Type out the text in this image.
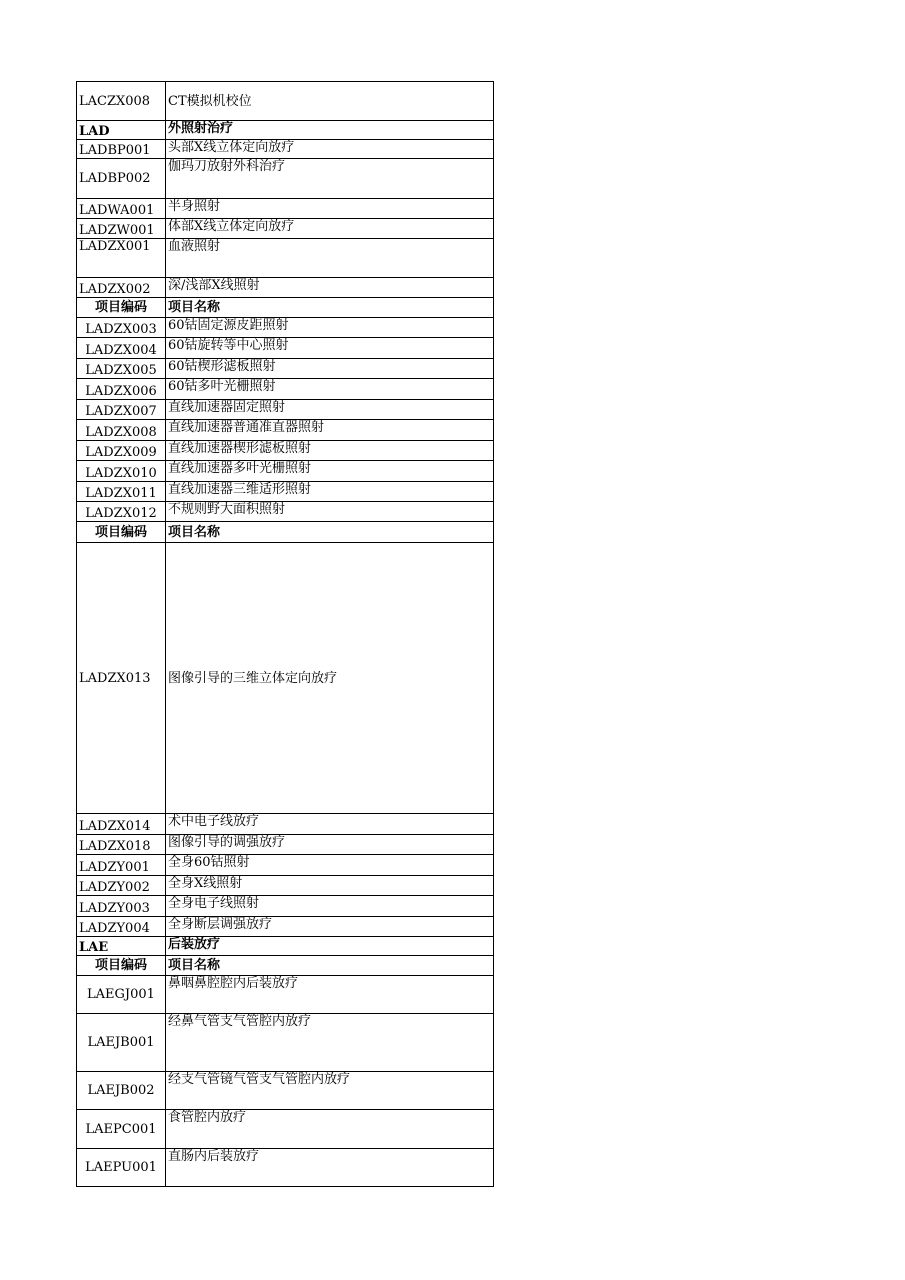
LACZX008	CT模拟机校位
LAD	外照射治疗
LADBP001	头部X线立体定向放疗
LADBP002	伽玛刀放射外科治疗
LADWA001	半身照射
LADZW001	体部X线立体定向放疗
LADZX001	血液照射
LADZX002	深/浅部X线照射
项目编码	项目名称
LADZX003	60钴固定源皮距照射
LADZX004	60钴旋转等中心照射
LADZX005	60钴楔形滤板照射
LADZX006	60钴多叶光栅照射
LADZX007	直线加速器固定照射
LADZX008	直线加速器普通准直器照射
LADZX009	直线加速器楔形滤板照射
LADZX010	直线加速器多叶光栅照射
LADZX011	直线加速器三维适形照射
LADZX012	不规则野大面积照射
项目编码	项目名称
LADZX013	图像引导的三维立体定向放疗
LADZX014	术中电子线放疗
LADZX018	图像引导的调强放疗
LADZY001	全身60钴照射
LADZY002	全身X线照射
LADZY003	全身电子线照射
LADZY004	全身断层调强放疗
LAE	后装放疗
项目编码	项目名称
LAEGJ001	鼻咽鼻腔腔内后装放疗
LAEJB001	经鼻气管支气管腔内放疗
LAEJB002	经支气管镜气管支气管腔内放疗
LAEPC001	食管腔内放疗
LAEPU001	直肠内后装放疗
